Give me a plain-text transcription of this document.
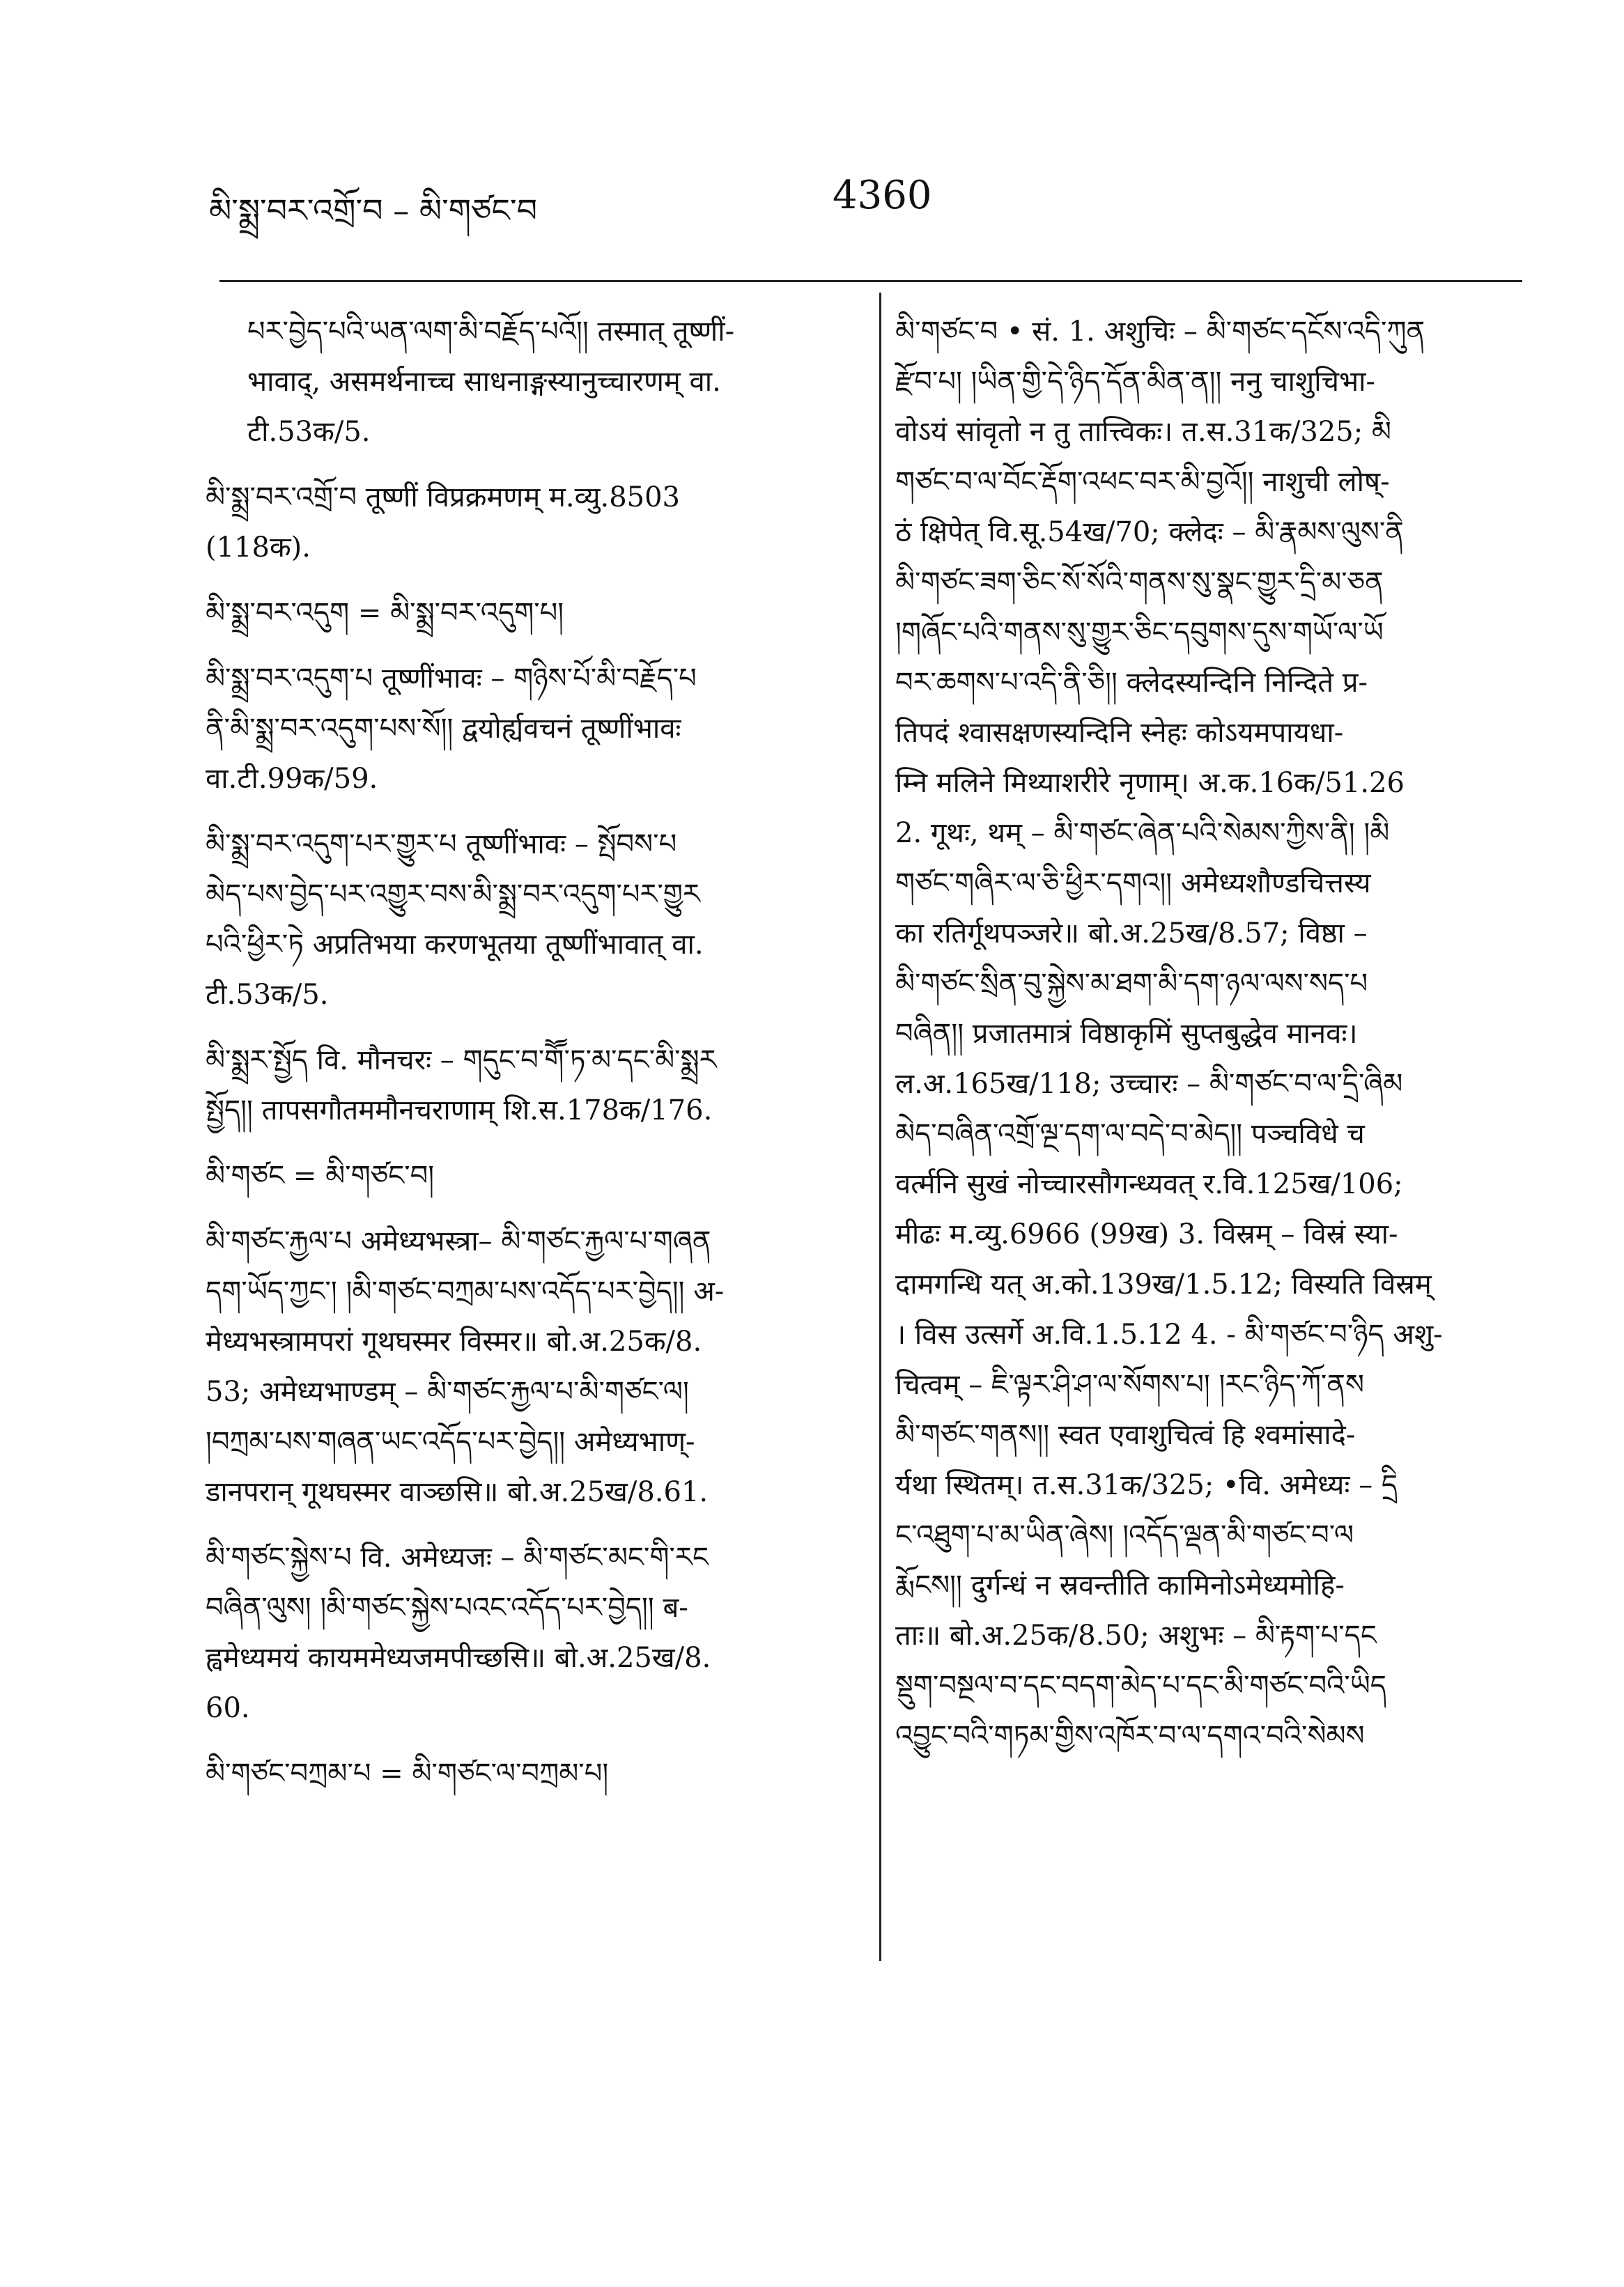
མི་སྨྲ་བར་འགྲོ་བ – མི་གཙང་བ	4360
པར་བྱེད་པའི་ཡན་ལག་མི་བརྗོད་པའོ།། तस्मात् तूष्णीं-
भावाद्, असमर्थनाच्च साधनाङ्गस्यानुच्चारणम् वा.
टी.53क/5.
མི་སྨྲ་བར་འགྲོ་བ तूष्णीं विप्रक्रमणम् म.व्यु.8503
(118क).
མི་སྨྲ་བར་འདུག = མི་སྨྲ་བར་འདུག་པ།
མི་སྨྲ་བར་འདུག་པ तूष्णींभावः – གཉིས་པོ་མི་བརྗོད་པ
ནི་མི་སྨྲ་བར་འདུག་པས་སོ།། द्वयोर्ह्यवचनं तूष्णींभावः
वा.टी.99क/59.
མི་སྨྲ་བར་འདུག་པར་གྱུར་པ तूष्णींभावः – སྤོབས་པ
མེད་པས་བྱེད་པར་འགྱུར་བས་མི་སྨྲ་བར་འདུག་པར་གྱུར
པའི་ཕྱིར་ཏེ अप्रतिभया करणभूतया तूष्णींभावात् वा.
टी.53क/5.
མི་སྨྲར་སྤྱོད वि. मौनचरः – གདུང་བ་གཽ་ཏ་མ་དང་མི་སྨྲར
སྤྱོད།། तापसगौतममौनचराणाम् शि.स.178क/176.
མི་གཙང = མི་གཙང་བ།
མི་གཙང་རྐྱལ་པ अमेध्यभस्त्रा– མི་གཙང་རྐྱལ་པ་གཞན
དག་ཡོད་ཀྱང་། །མི་གཙང་བཀྲམ་པས་འདོད་པར་བྱེད།། अ-
मेध्यभस्त्रामपरां गूथघस्मर विस्मर॥ बो.अ.25क/8.
53; अमेध्यभाण्डम् – མི་གཙང་རྐྱལ་པ་མི་གཙང་ལ།
།བཀྲམ་པས་གཞན་ཡང་འདོད་པར་བྱེད།། अमेध्यभाण्-
डानपरान् गूथघस्मर वाञ्छसि॥ बो.अ.25ख/8.61.
མི་གཙང་སྐྱེས་པ वि. अमेध्यजः – མི་གཙང་མང་གི་རང
བཞིན་ལུས། །མི་གཙང་སྐྱེས་པའང་འདོད་པར་བྱེད།། ब-
ह्वमेध्यमयं कायममेध्यजमपीच्छसि॥ बो.अ.25ख/8.
60.
མི་གཙང་བཀྲམ་པ = མི་གཙང་ལ་བཀྲམ་པ།
མི་གཙང་བ • सं. 1. अशुचिः – མི་གཙང་དངོས་འདི་ཀུན
རྫོབ་པ། །ཡིན་གྱི་དེ་ཉིད་དོན་མིན་ན།། ननु चाशुचिभा-
वोऽयं सांवृतो न तु तात्त्विकः। त.स.31क/325; མི
གཙང་བ་ལ་བོང་རྡོག་འཕང་བར་མི་བྱའོ།། नाशुची लोष्-
ठं क्षिपेत् वि.सू.54ख/70; क्लेदः – མི་རྣམས་ལུས་ནི
མི་གཙང་ཟག་ཅིང་སོ་སོའི་གནས་སུ་སྣང་གྱུར་དྲི་མ་ཅན
།གཞོང་པའི་གནས་སུ་གྱུར་ཅིང་དབུགས་དུས་གཡོ་ལ་ཡོ
བར་ཆགས་པ་འདི་ནི་ཅི།། क्लेदस्यन्दिनि निन्दिते प्र-
तिपदं श्वासक्षणस्यन्दिनि स्नेहः कोऽयमपायधा-
म्नि मलिने मिथ्याशरीरे नृणाम्। अ.क.16क/51.26
2. गूथः, थम् – མི་གཙང་ཞེན་པའི་སེམས་ཀྱིས་ནི། །མི
གཙང་གཞིར་ལ་ཅི་ཕྱིར་དགའ།། अमेध्यशौण्डचित्तस्य
का रतिर्गूथपञ्जरे॥ बो.अ.25ख/8.57; विष्ठा –
མི་གཙང་སྲིན་བུ་སྐྱེས་མ་ཐག་མི་དག་ཉལ་ལས་སད་པ
བཞིན།། प्रजातमात्रं विष्ठाकृमिं सुप्तबुद्धेव मानवः।
ल.अ.165ख/118; उच्चारः – མི་གཙང་བ་ལ་དྲི་ཞིམ
མེད་བཞིན་འགྲོ་ལྔ་དག་ལ་བདེ་བ་མེད།། पञ्चविधे च
वर्त्मनि सुखं नोच्चारसौगन्ध्यवत् र.वि.125ख/106;
मीढः म.व्यु.6966 (99ख) 3. विस्रम् – विस्रं स्या-
दामगन्धि यत् अ.को.139ख/1.5.12; विस्यति विस्रम्
। विस उत्सर्गे अ.वि.1.5.12 4. - མི་གཙང་བ་ཉིད अशु-
चित्वम् – ཇི་ལྟར་ཤི་ཤ་ལ་སོགས་པ། །རང་ཉིད་ཀོ་ནས
མི་གཙང་གནས།། स्वत एवाशुचित्वं हि श्वमांसादे-
र्यथा स्थितम्। त.स.31क/325; •वि. अमेध्यः – དྲི
ང་འཐུག་པ་མ་ཡིན་ཞེས། །འདོད་ལྡན་མི་གཙང་བ་ལ
རྨོངས།། दुर्गन्धं न स्रवन्तीति कामिनोऽमेध्यमोहि-
ताः॥ बो.अ.25क/8.50; अशुभः – མི་རྟག་པ་དང
སྡུག་བསྔལ་བ་དང་བདག་མེད་པ་དང་མི་གཙང་བའི་ཡིད
འབྱུང་བའི་གཏམ་གྱིས་འཁོར་བ་ལ་དགའ་བའི་སེམས
